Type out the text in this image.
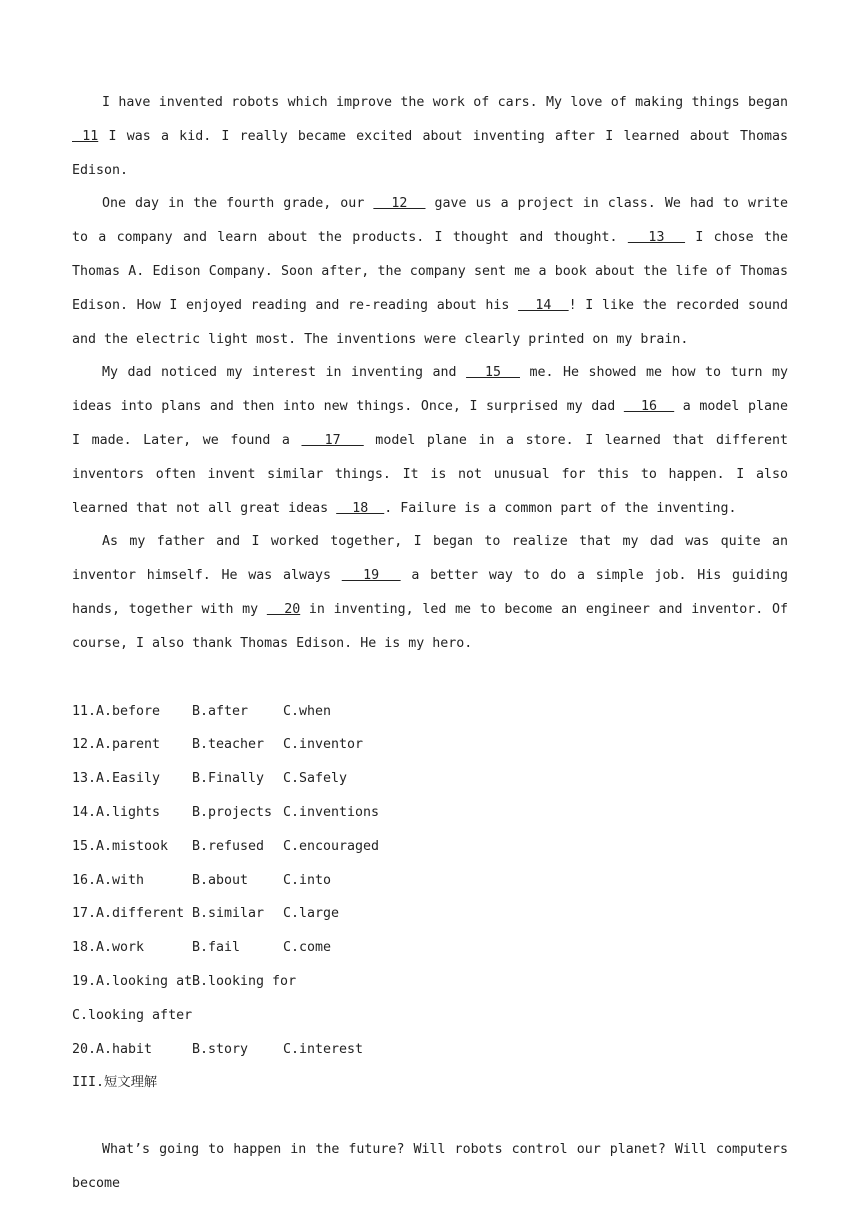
I have invented robots which improve the work of cars. My love of making things began  11 I was a kid. I really became excited about inventing after I learned about Thomas Edison.

One day in the fourth grade, our   12   gave us a project in class. We had to write to a company and learn about the products. I thought and thought.   13   I chose the Thomas A. Edison Company. Soon after, the company sent me a book about the life of Thomas Edison. How I enjoyed reading and re-reading about his   14  ! I like the recorded sound and the electric light most. The inventions were clearly printed on my brain.

My dad noticed my interest in inventing and   15   me. He showed me how to turn my ideas into plans and then into new things. Once, I surprised my dad   16   a model plane I made. Later, we found a   17   model plane in a store. I learned that different inventors often invent similar things. It is not unusual for this to happen. I also learned that not all great ideas   18  . Failure is a common part of the inventing.

As my father and I worked together, I began to realize that my dad was quite an inventor himself. He was always   19   a better way to do a simple job. His guiding hands, together with my   20 in inventing, led me to become an engineer and inventor. Of course, I also thank Thomas Edison. He is my hero.

11.A.before	B.after	C.when
12.A.parent	B.teacher	C.inventor
13.A.Easily	B.Finally	C.Safely
14.A.lights	B.projects C.inventions
15.A.mistook	B.refused	C.encouraged
16.A.with	B.about	C.into
17.A.different B.similar	C.large
18.A.work	B.fail	C.come
19.A.looking at B.looking for
C.looking after
20.A.habit	B.story	C.interest
III.短文理解

What’s going to happen in the future? Will robots control our planet? Will computers become
